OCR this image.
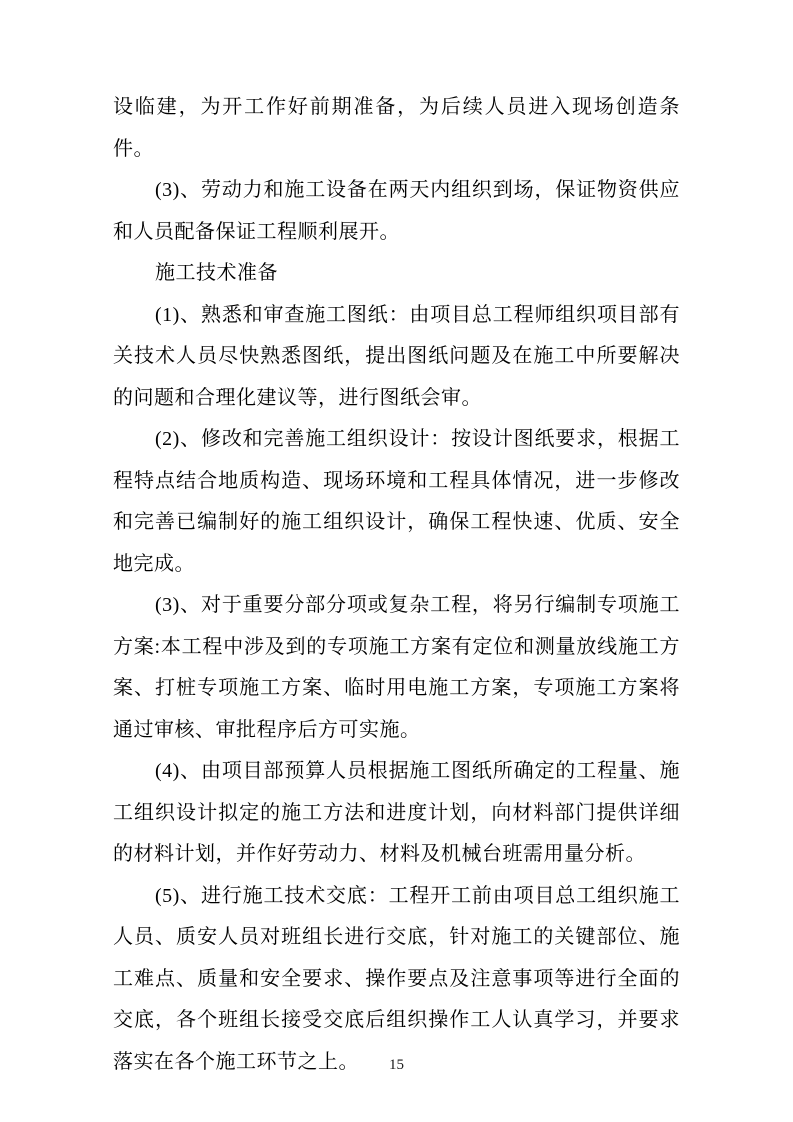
设临建，为开工作好前期准备，为后续人员进入现场创造条件。

(3)、劳动力和施工设备在两天内组织到场，保证物资供应和人员配备保证工程顺利展开。

施工技术准备

(1)、熟悉和审查施工图纸：由项目总工程师组织项目部有关技术人员尽快熟悉图纸，提出图纸问题及在施工中所要解决的问题和合理化建议等，进行图纸会审。

(2)、修改和完善施工组织设计：按设计图纸要求，根据工程特点结合地质构造、现场环境和工程具体情况，进一步修改和完善已编制好的施工组织设计，确保工程快速、优质、安全地完成。

(3)、对于重要分部分项或复杂工程，将另行编制专项施工方案:本工程中涉及到的专项施工方案有定位和测量放线施工方案、打桩专项施工方案、临时用电施工方案，专项施工方案将通过审核、审批程序后方可实施。

(4)、由项目部预算人员根据施工图纸所确定的工程量、施工组织设计拟定的施工方法和进度计划，向材料部门提供详细的材料计划，并作好劳动力、材料及机械台班需用量分析。

(5)、进行施工技术交底：工程开工前由项目总工组织施工人员、质安人员对班组长进行交底，针对施工的关键部位、施工难点、质量和安全要求、操作要点及注意事项等进行全面的交底，各个班组长接受交底后组织操作工人认真学习，并要求落实在各个施工环节之上。	15
